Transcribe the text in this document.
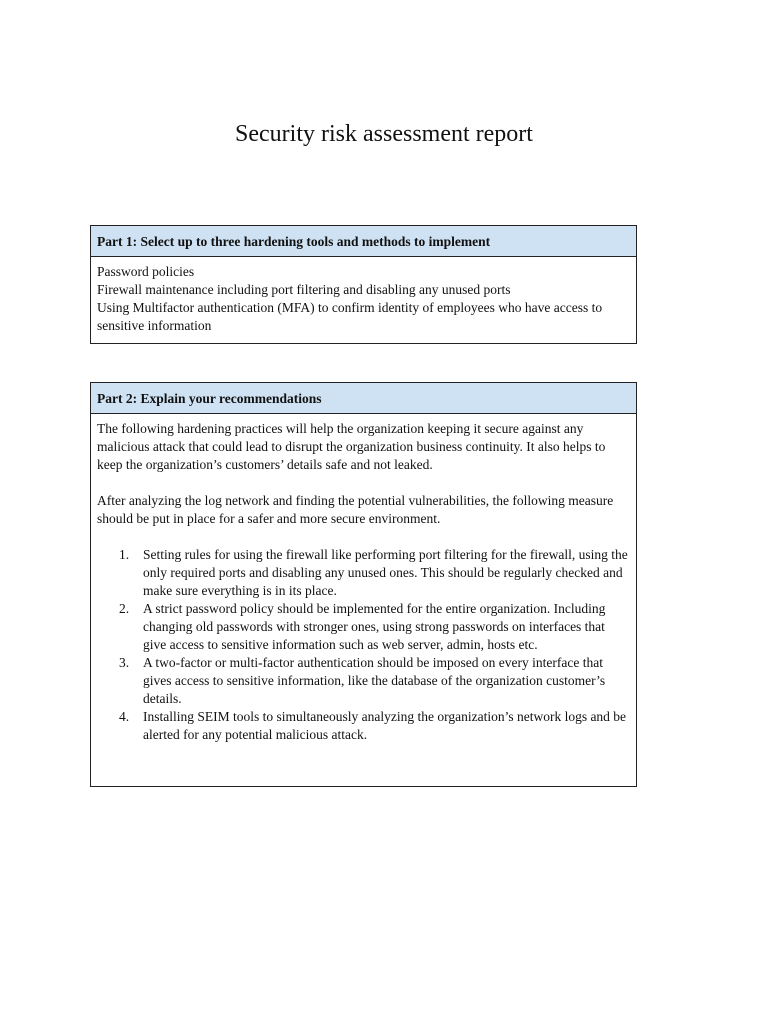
Security risk assessment report
Part 1: Select up to three hardening tools and methods to implement
Password policies
Firewall maintenance including port filtering and disabling any unused ports
Using Multifactor authentication (MFA) to confirm identity of employees who have access to sensitive information
Part 2: Explain your recommendations

The following hardening practices will help the organization keeping it secure against any malicious attack that could lead to disrupt the organization business continuity. It also helps to keep the organization’s customers’ details safe and not leaked.

After analyzing the log network and finding the potential vulnerabilities, the following measure should be put in place for a safer and more secure environment.

1. Setting rules for using the firewall like performing port filtering for the firewall, using the only required ports and disabling any unused ones. This should be regularly checked and make sure everything is in its place.
2. A strict password policy should be implemented for the entire organization. Including changing old passwords with stronger ones, using strong passwords on interfaces that give access to sensitive information such as web server, admin, hosts etc.
3. A two-factor or multi-factor authentication should be imposed on every interface that gives access to sensitive information, like the database of the organization customer’s details.
4. Installing SEIM tools to simultaneously analyzing the organization’s network logs and be alerted for any potential malicious attack.
